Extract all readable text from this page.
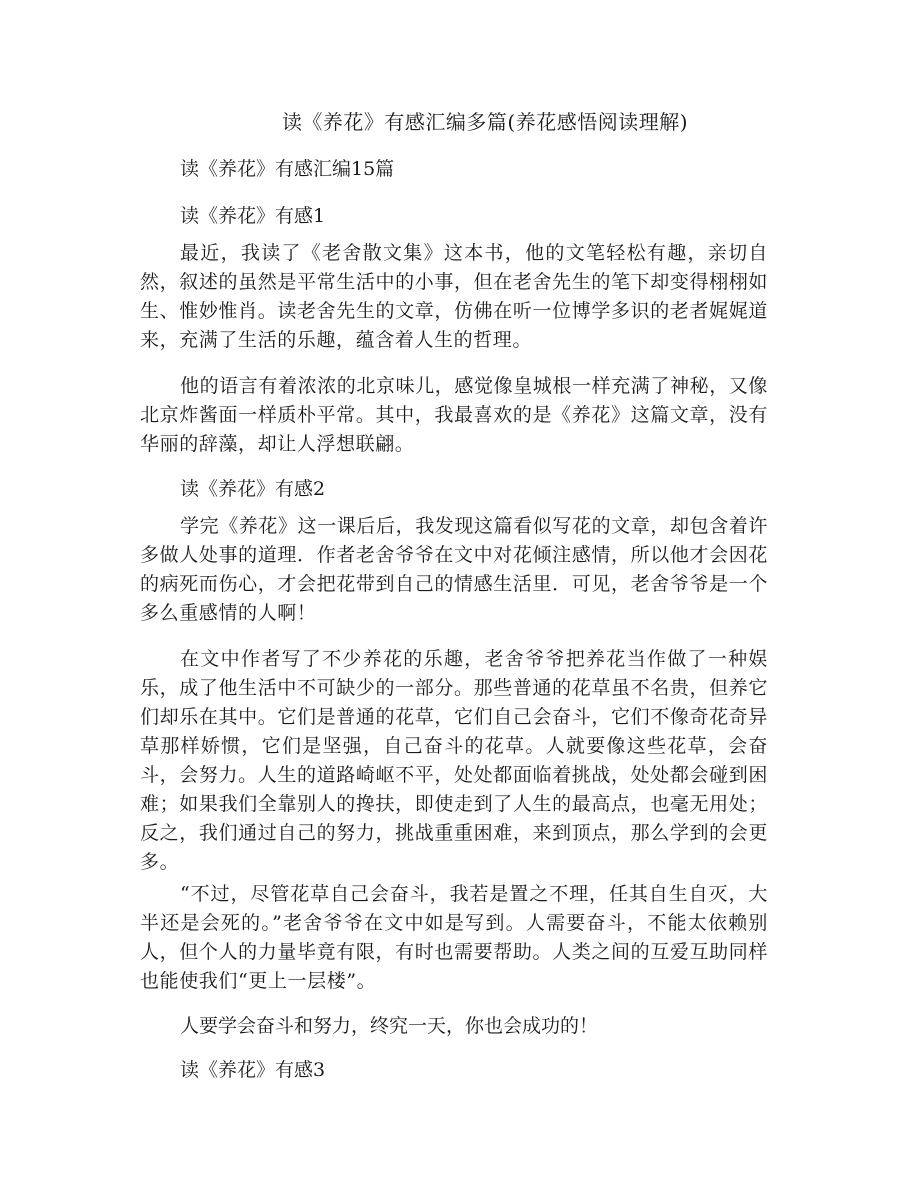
读《养花》有感汇编多篇(养花感悟阅读理解)
读《养花》有感汇编15篇
读《养花》有感1

最近，我读了《老舍散文集》这本书，他的文笔轻松有趣，亲切自然，叙述的虽然是平常生活中的小事，但在老舍先生的笔下却变得栩栩如生、惟妙惟肖。读老舍先生的文章，仿佛在听一位博学多识的老者娓娓道来，充满了生活的乐趣，蕴含着人生的哲理。

他的语言有着浓浓的北京味儿，感觉像皇城根一样充满了神秘，又像北京炸酱面一样质朴平常。其中，我最喜欢的是《养花》这篇文章，没有华丽的辞藻，却让人浮想联翩。

读《养花》有感2

学完《养花》这一课后后，我发现这篇看似写花的文章，却包含着许多做人处事的道理．作者老舍爷爷在文中对花倾注感情，所以他才会因花的病死而伤心，才会把花带到自己的情感生活里．可见，老舍爷爷是一个多么重感情的人啊！

在文中作者写了不少养花的乐趣，老舍爷爷把养花当作做了一种娱乐，成了他生活中不可缺少的一部分。那些普通的花草虽不名贵，但养它们却乐在其中。它们是普通的花草，它们自己会奋斗，它们不像奇花奇异草那样娇惯，它们是坚强，自己奋斗的花草。人就要像这些花草，会奋斗，会努力。人生的道路崎岖不平，处处都面临着挑战，处处都会碰到困难；如果我们全靠别人的搀扶，即使走到了人生的最高点，也毫无用处；反之，我们通过自己的努力，挑战重重困难，来到顶点，那么学到的会更多。

“不过，尽管花草自己会奋斗，我若是置之不理，任其自生自灭，大半还是会死的。”老舍爷爷在文中如是写到。人需要奋斗，不能太依赖别人，但个人的力量毕竟有限，有时也需要帮助。人类之间的互爱互助同样也能使我们“更上一层楼”。

人要学会奋斗和努力，终究一天，你也会成功的！
读《养花》有感3
